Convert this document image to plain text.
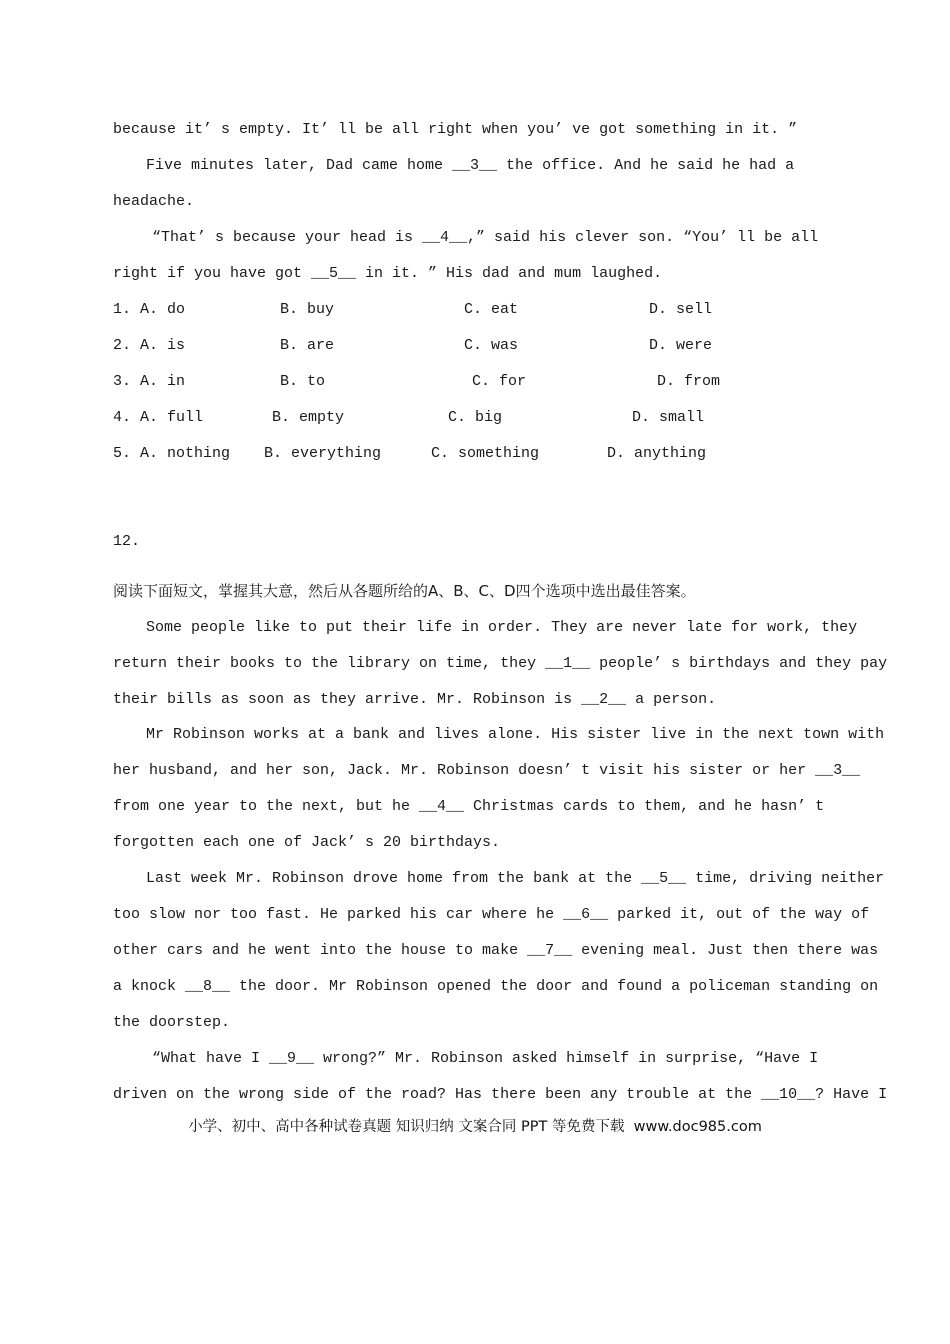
because it’ s empty. It’ ll be all right when you’ ve got something in it. ”
Five minutes later, Dad came home __3__ the office. And he said he had a
headache.
“That’ s because your head is __4__,” said his clever son. “You’ ll be all
right if you have got __5__ in it. ” His dad and mum laughed.
1. A. do	B. buy	C. eat	D. sell
2. A. is	B. are	C. was	D. were
3. A. in	B. to	C. for	D. from
4. A. full	B. empty	C. big	D. small
5. A. nothing B. everything	C. something	D. anything
12.
阅读下面短文，掌握其大意，然后从各题所给的A、B、C、D四个选项中选出最佳答案。
Some people like to put their life in order. They are never late for work, they
return their books to the library on time, they __1__ people’ s birthdays and they pay
their bills as soon as they arrive. Mr. Robinson is __2__ a person.
Mr Robinson works at a bank and lives alone. His sister live in the next town with
her husband, and her son, Jack. Mr. Robinson doesn’ t visit his sister or her __3__
from one year to the next, but he __4__ Christmas cards to them, and he hasn’ t
forgotten each one of Jack’ s 20 birthdays.
Last week Mr. Robinson drove home from the bank at the __5__ time, driving neither
too slow nor too fast. He parked his car where he __6__ parked it, out of the way of
other cars and he went into the house to make __7__ evening meal. Just then there was
a knock __8__ the door. Mr Robinson opened the door and found a policeman standing on
the doorstep.
“What have I __9__ wrong?” Mr. Robinson asked himself in surprise, “Have I
driven on the wrong side of the road? Has there been any trouble at the __10__? Have I
小学、初中、高中各种试卷真题 知识归纳 文案合同 PPT 等免费下载  www.doc985.com
